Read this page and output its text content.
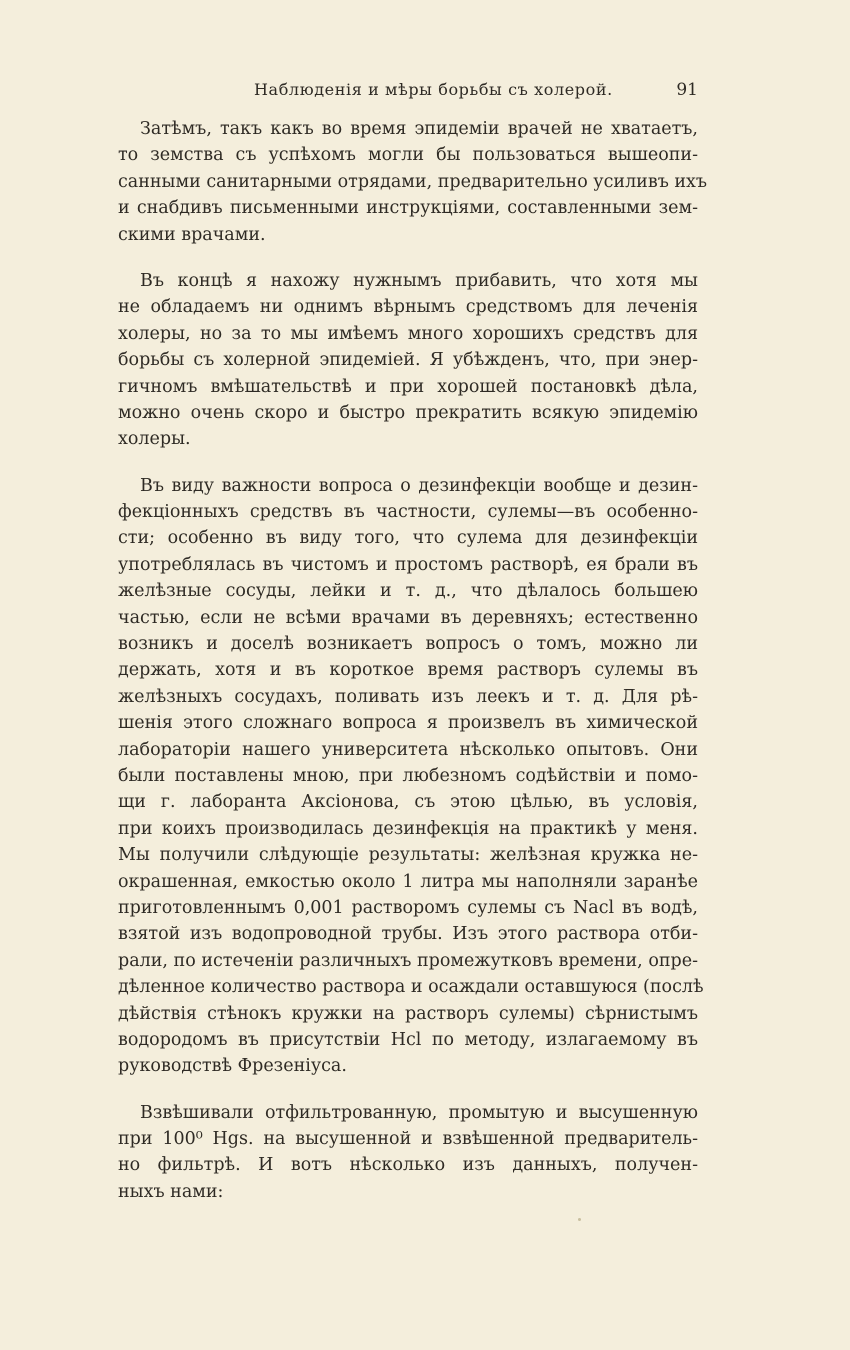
Наблюденія и мѣры борьбы съ холерой.	91
Затѣмъ, такъ какъ во время эпидеміи врачей не хватаетъ,
то земства съ успѣхомъ могли бы пользоваться вышеопи-
санными санитарными отрядами, предварительно усиливъ ихъ
и снабдивъ письменными инструкціями, составленными зем-
скими врачами.
Въ концѣ я нахожу нужнымъ прибавить, что хотя мы
не обладаемъ ни однимъ вѣрнымъ средствомъ для леченія
холеры, но за то мы имѣемъ много хорошихъ средствъ для
борьбы съ холерной эпидеміей. Я убѣжденъ, что, при энер-
гичномъ вмѣшательствѣ и при хорошей постановкѣ дѣла,
можно очень скоро и быстро прекратить всякую эпидемію
холеры.
Въ виду важности вопроса о дезинфекціи вообще и дезин-
фекціонныхъ средствъ въ частности, сулемы—въ особенно-
сти; особенно въ виду того, что сулема для дезинфекціи
употреблялась въ чистомъ и простомъ растворѣ, ея брали въ
желѣзные сосуды, лейки и т. д., что дѣлалось большею
частью, если не всѣми врачами въ деревняхъ; естественно
возникъ и доселѣ возникаетъ вопросъ о томъ, можно ли
держать, хотя и въ короткое время растворъ сулемы въ
желѣзныхъ сосудахъ, поливать изъ леекъ и т. д. Для рѣ-
шенія этого сложнаго вопроса я произвелъ въ химической
лабораторіи нашего университета нѣсколько опытовъ. Они
были поставлены мною, при любезномъ содѣйствіи и помо-
щи г. лаборанта Аксіонова, съ этою цѣлью, въ условія,
при коихъ производилась дезинфекція на практикѣ у меня.
Мы получили слѣдующіе результаты: желѣзная кружка не-
окрашенная, емкостью около 1 литра мы наполняли заранѣе
приготовленнымъ 0,001 растворомъ сулемы съ Nacl въ водѣ,
взятой изъ водопроводной трубы. Изъ этого раствора отби-
рали, по истеченіи различныхъ промежутковъ времени, опре-
дѣленное количество раствора и осаждали оставшуюся (послѣ
дѣйствія стѣнокъ кружки на растворъ сулемы) сѣрнистымъ
водородомъ въ присутствіи Hcl по методу, излагаемому въ
руководствѣ Фрезеніуса.
Взвѣшивали отфильтрованную, промытую и высушенную
при 100⁰ Hgs. на высушенной и взвѣшенной предваритель-
но фильтрѣ. И вотъ нѣсколько изъ данныхъ, получен-
ныхъ нами:
